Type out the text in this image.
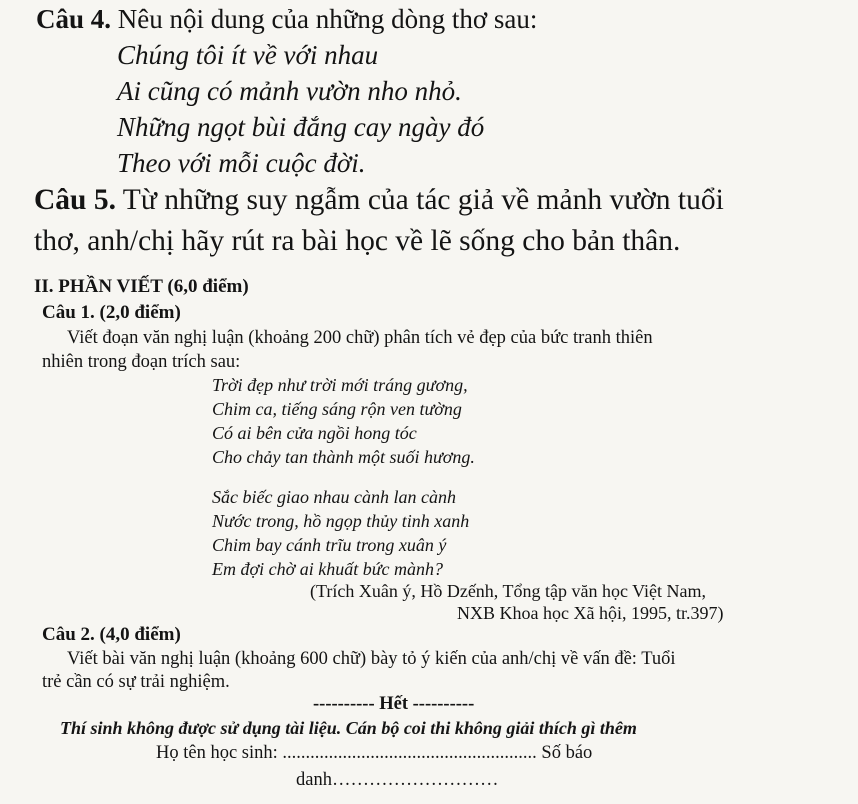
Câu 4. Nêu nội dung của những dòng thơ sau:
Chúng tôi ít về với nhau
Ai cũng có mảnh vườn nho nhỏ.
Những ngọt bùi đắng cay ngày đó
Theo với mỗi cuộc đời.
Câu 5. Từ những suy ngẫm của tác giả về mảnh vườn tuổi
thơ, anh/chị hãy rút ra bài học về lẽ sống cho bản thân.
II. PHẦN VIẾT (6,0 điểm)
Câu 1. (2,0 điểm)
Viết đoạn văn nghị luận (khoảng 200 chữ) phân tích vẻ đẹp của bức tranh thiên
nhiên trong đoạn trích sau:
Trời đẹp như trời mới tráng gương,
Chim ca, tiếng sáng rộn ven tường
Có ai bên cửa ngồi hong tóc
Cho chảy tan thành một suối hương.
Sắc biếc giao nhau cành lan cành
Nước trong, hồ ngọp thủy tinh xanh
Chim bay cánh trĩu trong xuân ý
Em đợi chờ ai khuất bức mành?
(Trích Xuân ý, Hồ Dzếnh, Tổng tập văn học Việt Nam,
NXB Khoa học Xã hội, 1995, tr.397)
Câu 2. (4,0 điểm)
Viết bài văn nghị luận (khoảng 600 chữ) bày tỏ ý kiến của anh/chị về vấn đề: Tuổi
trẻ cần có sự trải nghiệm.
---------- Hết ----------
Thí sinh không được sử dụng tài liệu. Cán bộ coi thi không giải thích gì thêm
Họ tên học sinh: ....................................................... Số báo
danh………………………
